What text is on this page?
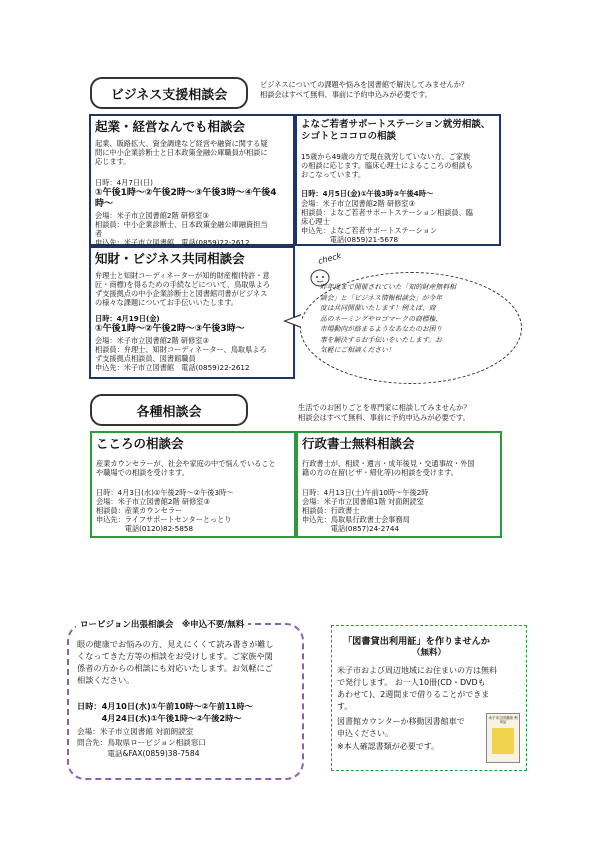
ビジネス支援相談会
ビジネスについての課題や悩みを図書館で解決してみませんか？
相談会はすべて無料、事前に予約申込みが必要です。
起業・経営なんでも相談会
起業、販路拡大、資金調達など経営や融資に関する疑
問に中小企業診断士と日本政策金融公庫職員が相談に
応じます。
日時：4月7日(日)
①午後1時〜②午後2時〜③午後3時〜④午後4
時〜
会場：米子市立図書館2階 研修室③
相談員：中小企業診断士、日本政策金融公庫融資担当
者
申込先：米子市立図書館　電話(0859)22-2612
よなご若者サポートステーション就労相談、
シゴトとココロの相談
15歳から49歳の方で現在就労していない方、ご家族
の相談に応じます。臨床心理士によるこころの相談も
おこなっています。
日時：4月5日(金)①午後3時②午後4時〜
会場：米子市立図書館2階 研修室③
相談員：よなご若者サポートステーション相談員、臨
床心理士
申込先：よなご若者サポートステーション
　　　　電話(0859)21-5678
知財・ビジネス共同相談会
弁理士と知財コーディネーターが知的財産権(特許・意
匠・商標)を得るための手続などについて、鳥取県よろ
ず支援拠点の中小企業診断士と図書館司書がビジネス
の様々な課題についてお手伝いいたします。
日時：4月19日(金)
①午後1時〜②午後2時〜③午後3時〜
会場：米子市立図書館2階 研修室③
相談員：弁理士、知財コーディネーター、鳥取県よろ
ず支援拠点相談員、図書館職員
申込先：米子市立図書館　電話(0859)22-2612
check
昨年度まで開催されていた「知的財産無料相
談会」と「ビジネス情報相談会」が今年
度は共同開催いたします！例えば、商
品のネーミングやロゴマークの商標権、
市場動向が絡まるようなあなたのお困り
事を解決するお手伝いをいたします。お
気軽にご相談ください！
各種相談会	生活でのお困りごとを専門家に相談してみませんか？
相談会はすべて無料、事前に予約申込みが必要です。
こころの相談会
産業カウンセラーが、社会や家庭の中で悩んでいること
や職場での相談を受けます。
日時：4月3日(水)①午後2時〜②午後3時〜
会場：米子市立図書館2階 研修室③
相談員：産業カウンセラー
申込先：ライフサポートセンターとっとり
　　　　電話(0120)82-5858
行政書士無料相談会
行政書士が、相続・遺言・成年後見・交通事故・外国
籍の方の在留(ビザ・帰化等)の相談を受けます。
日時：4月13日(土)午前10時〜午後2時
会場：米子市立図書館1階 対面朗読室
相談員：行政書士
申込先：鳥取県行政書士会事務局
　　　　電話(0857)24-2744
ロービジョン出張相談会　※申込不要/無料
眼の健康でお悩みの方、見えにくくて読み書きが難し
くなってきた方等の相談をお受けします。ご家族や関
係者の方からの相談にも対応いたします。お気軽にご
相談ください。
日時：4月10日(水)①午前10時〜②午前11時〜
　　　4月24日(水)①午後1時〜②午後2時〜
会場：米子市立図書館 対面朗読室
問合先：鳥取県ロービジョン相談窓口
　　　　電話&FAX(0859)38-7584
「図書貸出利用証」を作りませんか
（無料）
米子市および周辺地域にお住まいの方は無料
で発行します。 お一人10冊(CD・DVDも
あわせて)、2週間まで借りることができま
す。
図書館カウンターか移動図書館車で
申込ください。
※本人確認書類が必要です。
米子市立図書館 利用証
